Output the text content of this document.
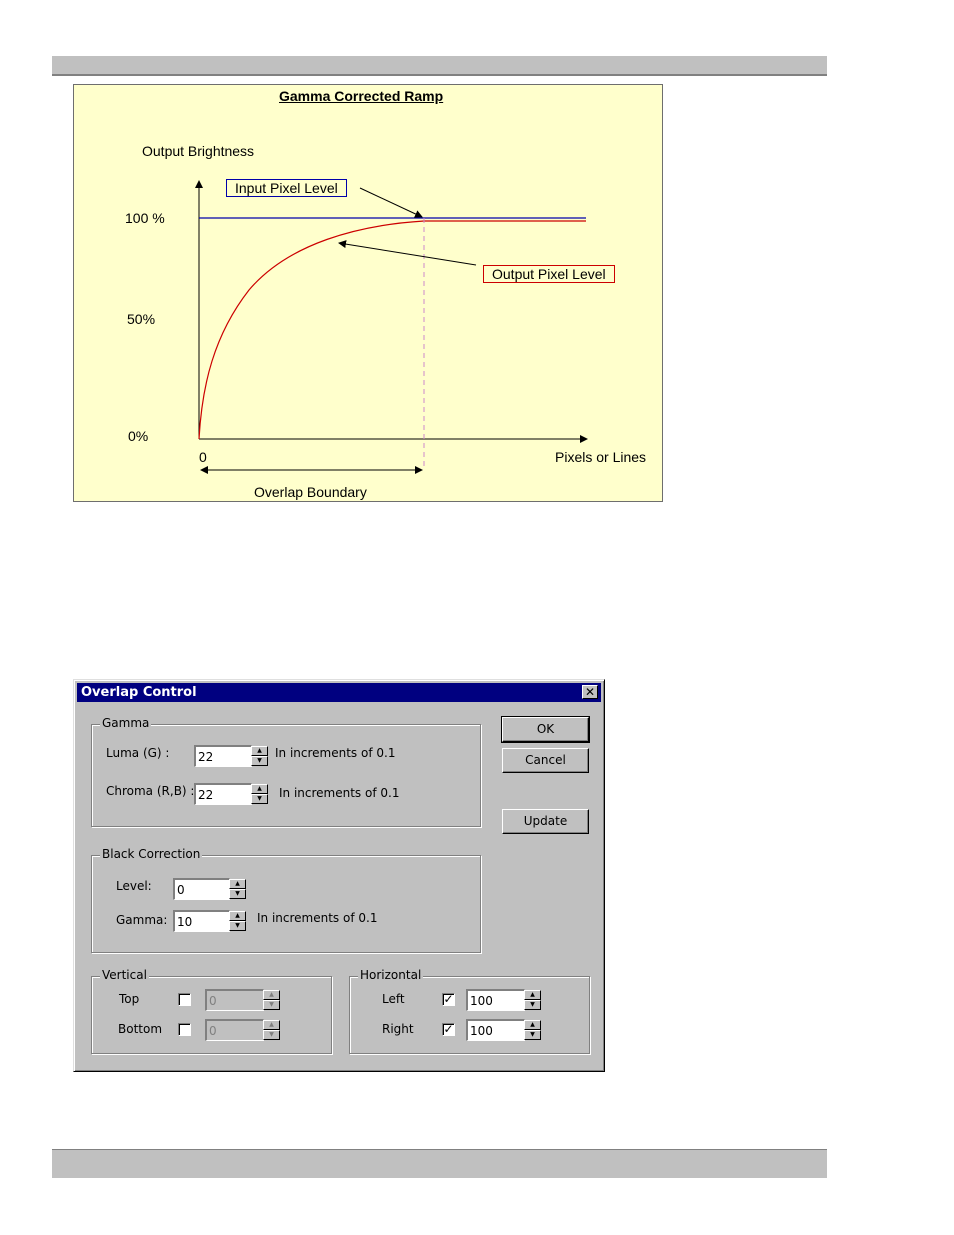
Gamma Corrected Ramp
Output Brightness
100 %
50%
0%
0	Pixels or Lines
Overlap Boundary
Input Pixel Level
Output Pixel Level
Overlap Control	✕
Gamma
Luma (G) :
22	▲
▼
In increments of 0.1
Chroma (R,B) :
22	▲
▼	In increments of 0.1
OK
Cancel
Update
Black Correction
Level:
0	▲
▼
Gamma:
10	▲
▼
In increments of 0.1
Vertical
Top
0	▲
▼
Bottom
0	▲
▼
Horizontal
Left	✓
100	▲
▼
Right ✓
100	▲
▼
